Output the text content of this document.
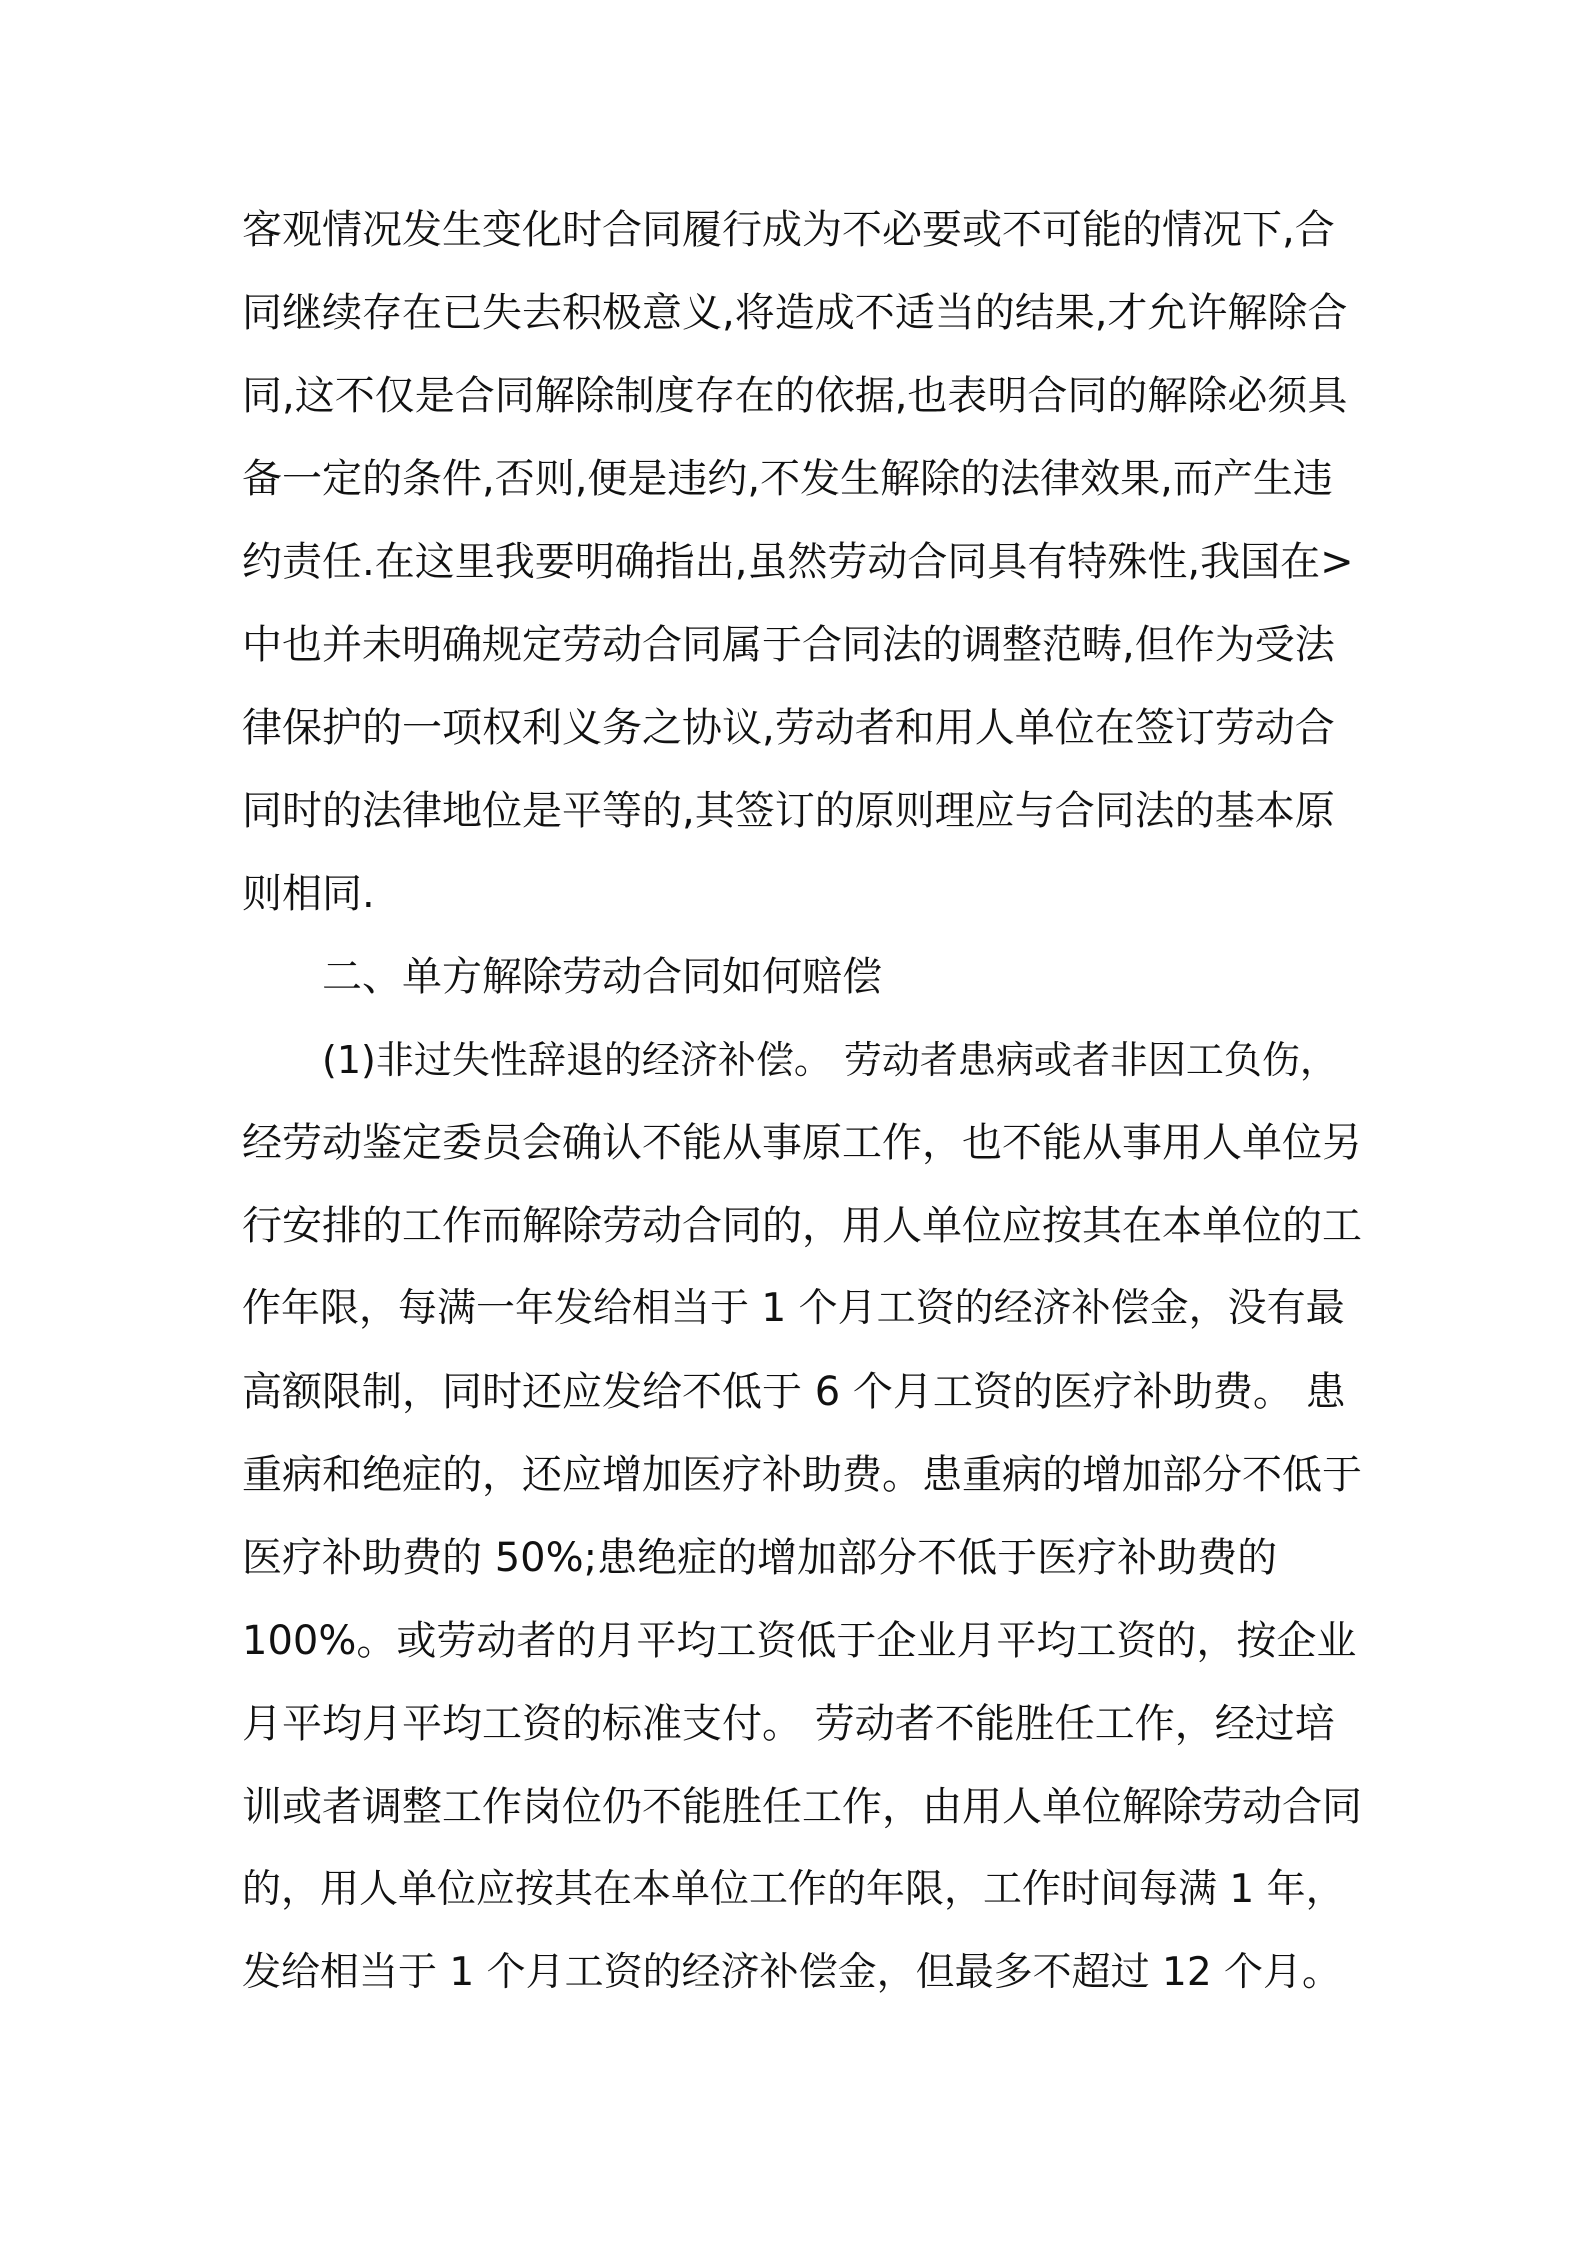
客观情况发生变化时合同履行成为不必要或不可能的情况下,合
同继续存在已失去积极意义,将造成不适当的结果,才允许解除合
同,这不仅是合同解除制度存在的依据,也表明合同的解除必须具
备一定的条件,否则,便是违约,不发生解除的法律效果,而产生违
约责任.在这里我要明确指出,虽然劳动合同具有特殊性,我国在>
中也并未明确规定劳动合同属于合同法的调整范畴,但作为受法
律保护的一项权利义务之协议,劳动者和用人单位在签订劳动合
同时的法律地位是平等的,其签订的原则理应与合同法的基本原
则相同.
二、单方解除劳动合同如何赔偿
(1)非过失性辞退的经济补偿。 劳动者患病或者非因工负伤，
经劳动鉴定委员会确认不能从事原工作，也不能从事用人单位另
行安排的工作而解除劳动合同的，用人单位应按其在本单位的工
作年限，每满一年发给相当于 1 个月工资的经济补偿金，没有最
高额限制，同时还应发给不低于 6 个月工资的医疗补助费。 患
重病和绝症的，还应增加医疗补助费。患重病的增加部分不低于
医疗补助费的 50%;患绝症的增加部分不低于医疗补助费的
100%。或劳动者的月平均工资低于企业月平均工资的，按企业
月平均月平均工资的标准支付。 劳动者不能胜任工作，经过培
训或者调整工作岗位仍不能胜任工作，由用人单位解除劳动合同
的，用人单位应按其在本单位工作的年限，工作时间每满 1 年，
发给相当于 1 个月工资的经济补偿金，但最多不超过 12 个月。
